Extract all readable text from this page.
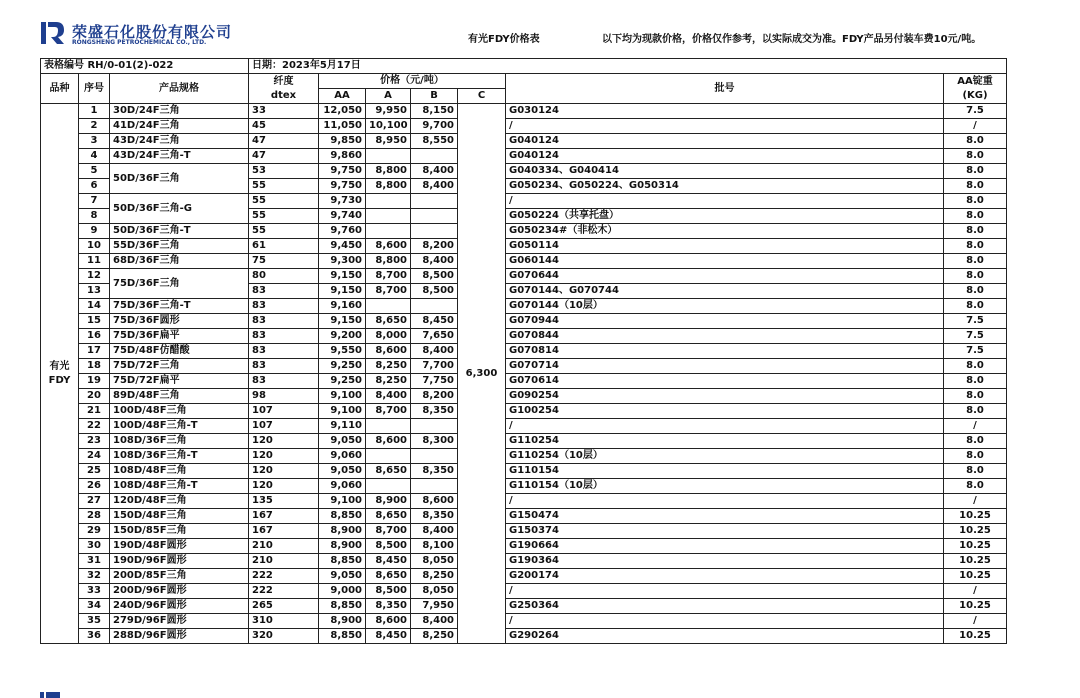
荣盛石化股份有限公司
RONGSHENG PETROCHEMICAL CO., LTD.	有光FDY价格表	以下均为现款价格，价格仅作参考，以实际成交为准。FDY产品另付装车费10元/吨。
表格编号 RH/0-01(2)-022			日期：2023年5月17日						
品种	序号	产品规格	纤度
dtex	价格（元/吨）				批号	AA锭重
(KG)
				AA	A	B	C		
有光
FDY	1	30D/24F三角	33	12,050	9,950	8,150	6,300	G030124	7.5
	2	41D/24F三角	45	11,050	10,100	9,700		/	/
	3	43D/24F三角	47	9,850	8,950	8,550		G040124	8.0
	4	43D/24F三角-T	47	9,860				G040124	8.0
	5	50D/36F三角	53	9,750	8,800	8,400		G040334、G040414	8.0
	6		55	9,750	8,800	8,400		G050234、G050224、G050314	8.0
	7	50D/36F三角-G	55	9,730				/	8.0
	8		55	9,740				G050224（共享托盘）	8.0
	9	50D/36F三角-T	55	9,760				G050234#（非松木）	8.0
	10	55D/36F三角	61	9,450	8,600	8,200		G050114	8.0
	11	68D/36F三角	75	9,300	8,800	8,400		G060144	8.0
	12	75D/36F三角	80	9,150	8,700	8,500		G070644	8.0
	13		83	9,150	8,700	8,500		G070144、G070744	8.0
	14	75D/36F三角-T	83	9,160				G070144（10层）	8.0
	15	75D/36F圆形	83	9,150	8,650	8,450		G070944	7.5
	16	75D/36F扁平	83	9,200	8,000	7,650		G070844	7.5
	17	75D/48F仿醋酸	83	9,550	8,600	8,400		G070814	7.5
	18	75D/72F三角	83	9,250	8,250	7,700		G070714	8.0
	19	75D/72F扁平	83	9,250	8,250	7,750		G070614	8.0
	20	89D/48F三角	98	9,100	8,400	8,200		G090254	8.0
	21	100D/48F三角	107	9,100	8,700	8,350		G100254	8.0
	22	100D/48F三角-T	107	9,110				/	/
	23	108D/36F三角	120	9,050	8,600	8,300		G110254	8.0
	24	108D/36F三角-T	120	9,060				G110254（10层）	8.0
	25	108D/48F三角	120	9,050	8,650	8,350		G110154	8.0
	26	108D/48F三角-T	120	9,060				G110154（10层）	8.0
	27	120D/48F三角	135	9,100	8,900	8,600		/	/
	28	150D/48F三角	167	8,850	8,650	8,350		G150474	10.25
	29	150D/85F三角	167	8,900	8,700	8,400		G150374	10.25
	30	190D/48F圆形	210	8,900	8,500	8,100		G190664	10.25
	31	190D/96F圆形	210	8,850	8,450	8,050		G190364	10.25
	32	200D/85F三角	222	9,050	8,650	8,250		G200174	10.25
	33	200D/96F圆形	222	9,000	8,500	8,050		/	/
	34	240D/96F圆形	265	8,850	8,350	7,950		G250364	10.25
	35	279D/96F圆形	310	8,900	8,600	8,400		/	/
	36	288D/96F圆形	320	8,850	8,450	8,250		G290264	10.25
